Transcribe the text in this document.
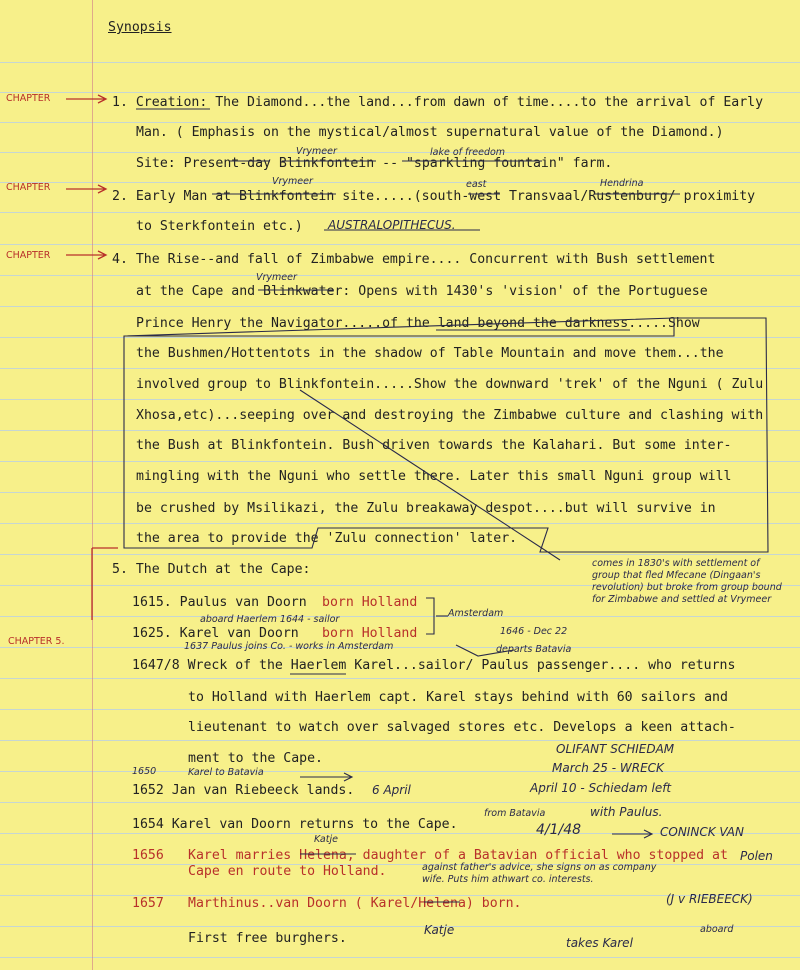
Synopsis
CHAPTER
CHAPTER
CHAPTER
CHAPTER 5.
1. Creation: The Diamond...the land...from dawn of time....to the arrival of Early
Man. ( Emphasis on the mystical/almost supernatural value of the Diamond.)
Site: Present-day Blinkfontein -- "sparkling fountain" farm.
2. Early Man at Blinkfontein site.....(south-west Transvaal/Rustenburg/ proximity
to Sterkfontein etc.)
4. The Rise--and fall of Zimbabwe empire.... Concurrent with Bush settlement
at the Cape and Blinkwater: Opens with 1430's 'vision' of the Portuguese
Prince Henry the Navigator.....of the land beyond the darkness.....Show
the Bushmen/Hottentots in the shadow of Table Mountain and move them...the
involved group to Blinkfontein.....Show the downward 'trek' of the Nguni ( Zulu
Xhosa,etc)...seeping over and destroying the Zimbabwe culture and clashing with
the Bush at Blinkfontein. Bush driven towards the Kalahari. But some inter-
mingling with the Nguni who settle there. Later this small Nguni group will
be crushed by Msilikazi, the Zulu breakaway despot....but will survive in
the area to provide the 'Zulu connection' later.
5. The Dutch at the Cape:
1615. Paulus van Doorn born Holland
1625. Karel van Doorn born Holland
1647/8 Wreck of the Haerlem Karel...sailor/ Paulus passenger.... who returns
to Holland with Haerlem capt. Karel stays behind with 60 sailors and
lieutenant to watch over salvaged stores etc. Develops a keen attach-
ment to the Cape.
1652 Jan van Riebeeck lands.
1654 Karel van Doorn returns to the Cape.
1656 Karel marries Helena, daughter of a Batavian official who stopped at
Cape en route to Holland.
1657 Marthinus..van Doorn ( Karel/Helena) born.
First free burghers.
lake of freedom
Vrymeer
Vrymeer	east	Hendrina
AUSTRALOPITHECUS.
Vrymeer
comes in 1830's with settlement of group that fled Mfecane (Dingaan's revolution) but broke from group bound for Zimbabwe and settled at Vrymeer
aboard Haerlem 1644 - sailor
Amsterdam
1637 Paulus joins Co. - works in Amsterdam
1646 - Dec 22
departs Batavia
OLIFANT SCHIEDAM
March 25 - WRECK
1650	Karel to Batavia
6 April	April 10 - Schiedam left
with Paulus.
from Batavia
4/1/48	CONINCK VAN
Katje
Polen
against father's advice, she signs on as company wife. Puts him athwart co. interests.
(J v RIEBEECK)
aboard
Katje
takes Karel
